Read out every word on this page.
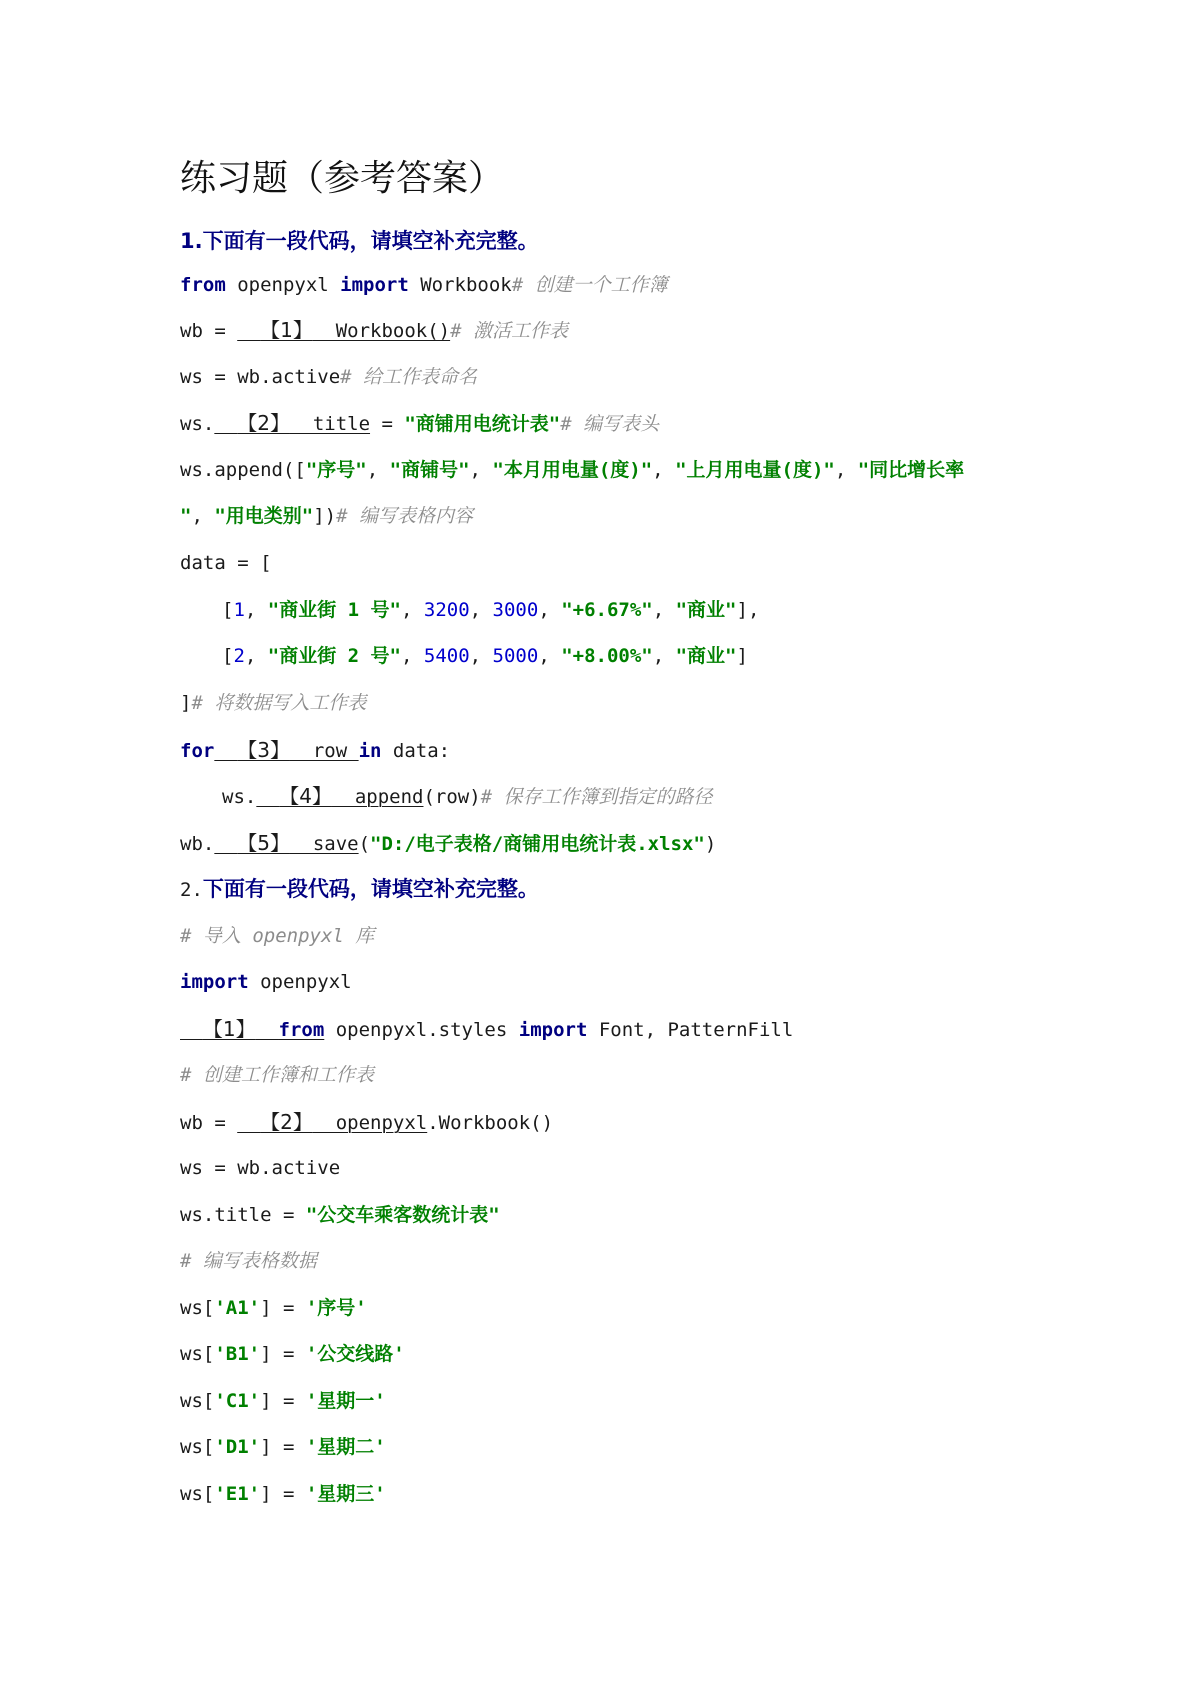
练习题（参考答案）
1.下面有一段代码，请填空补充完整。
from openpyxl import Workbook# 创建一个工作簿
wb =   【1】  Workbook()# 激活工作表
ws = wb.active# 给工作表命名
ws. 【2】  title = "商铺用电统计表"# 编写表头
ws.append(["序号", "商铺号", "本月用电量(度)", "上月用电量(度)", "同比增长率
", "用电类别"])# 编写表格内容
data = [
[1, "商业街 1 号", 3200, 3000, "+6.67%", "商业"],
[2, "商业街 2 号", 5400, 5000, "+8.00%", "商业"]
]# 将数据写入工作表
for 【3】  row in data:
ws. 【4】  append(row)# 保存工作簿到指定的路径
wb. 【5】  save("D:/电子表格/商铺用电统计表.xlsx")
2.下面有一段代码，请填空补充完整。
# 导入 openpyxl 库
import openpyxl
【1】 from openpyxl.styles import Font, PatternFill
# 创建工作簿和工作表
wb =   【2】  openpyxl.Workbook()
ws = wb.active
ws.title = "公交车乘客数统计表"
# 编写表格数据
ws['A1'] = '序号'
ws['B1'] = '公交线路'
ws['C1'] = '星期一'
ws['D1'] = '星期二'
ws['E1'] = '星期三'
